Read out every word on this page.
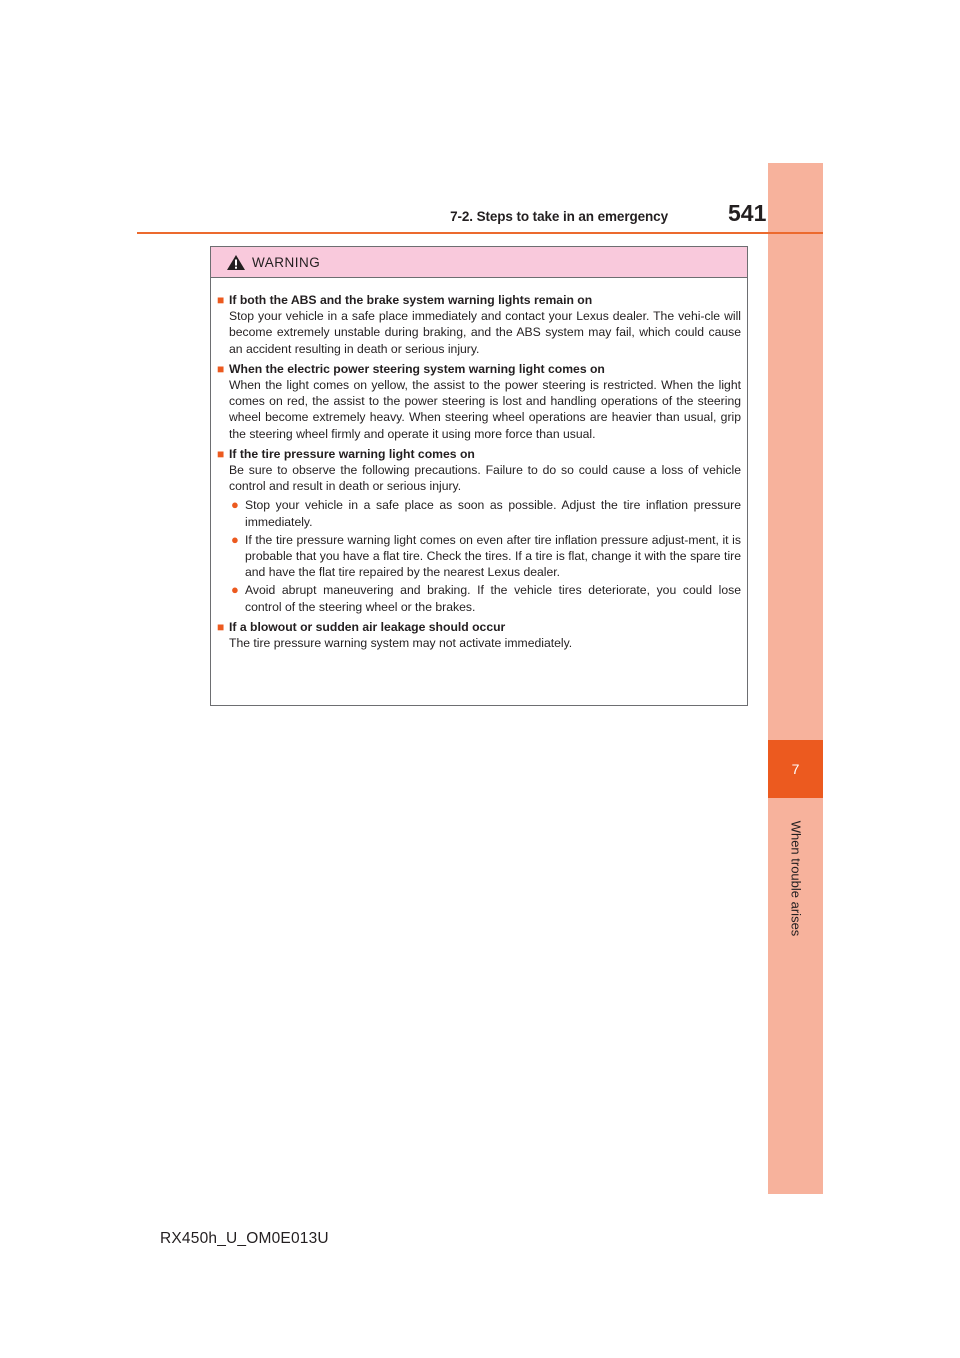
7
When trouble arises
7-2. Steps to take in an emergency	541
WARNING
■ If both the ABS and the brake system warning lights remain on
Stop your vehicle in a safe place immediately and contact your Lexus dealer. The vehi-cle will become extremely unstable during braking, and the ABS system may fail, which could cause an accident resulting in death or serious injury.
■ When the electric power steering system warning light comes on
When the light comes on yellow, the assist to the power steering is restricted. When the light comes on red, the assist to the power steering is lost and handling operations of the steering wheel become extremely heavy. When steering wheel operations are heavier than usual, grip the steering wheel firmly and operate it using more force than usual.
■ If the tire pressure warning light comes on
Be sure to observe the following precautions. Failure to do so could cause a loss of vehicle control and result in death or serious injury.
● Stop your vehicle in a safe place as soon as possible. Adjust the tire inflation pressure immediately.
● If the tire pressure warning light comes on even after tire inflation pressure adjust-ment, it is probable that you have a flat tire. Check the tires. If a tire is flat, change it with the spare tire and have the flat tire repaired by the nearest Lexus dealer.
● Avoid abrupt maneuvering and braking. If the vehicle tires deteriorate, you could lose control of the steering wheel or the brakes.
■ If a blowout or sudden air leakage should occur
The tire pressure warning system may not activate immediately.
RX450h_U_OM0E013U
